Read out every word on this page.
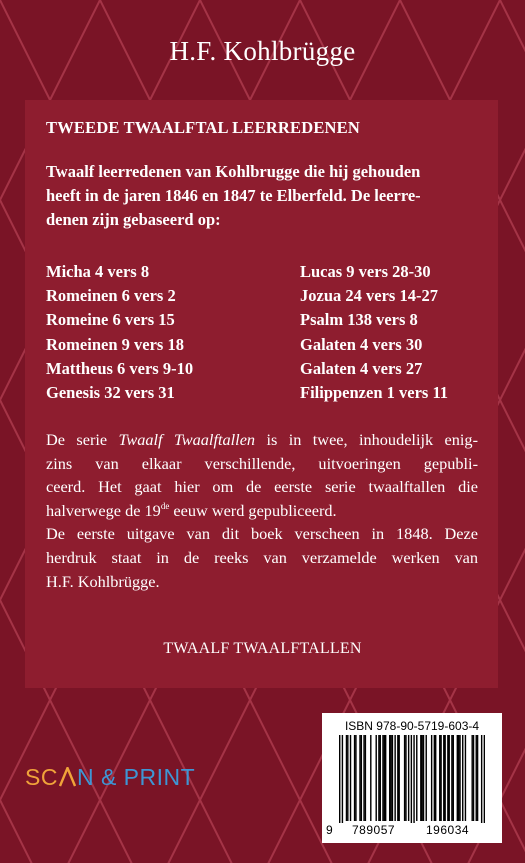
H.F. Kohlbrügge
TWEEDE TWAALFTAL LEERREDENEN
Twaalf leerredenen van Kohlbrugge die hij gehouden
heeft in de jaren 1846 en 1847 te Elberfeld. De leerre-
denen zijn gebaseerd op:
Micha 4 vers 8
Romeinen 6 vers 2
Romeine 6 vers 15
Romeinen 9 vers 18
Mattheus 6 vers 9-10
Genesis 32 vers 31
Lucas 9 vers 28-30
Jozua 24 vers 14-27
Psalm 138 vers 8
Galaten 4 vers 30
Galaten 4 vers 27
Filippenzen 1 vers 11
De serie Twaalf Twaalftallen is in twee, inhoudelijk enig-
zins van elkaar verschillende, uitvoeringen gepubli-
ceerd. Het gaat hier om de eerste serie twaalftallen die
halverwege de 19de eeuw werd gepubliceerd.
De eerste uitgave van dit boek verscheen in 1848. Deze
herdruk staat in de reeks van verzamelde werken van
H.F. Kohlbrügge.
TWAALF TWAALFTALLEN
SC N & PRINT
ISBN 978-90-5719-603-4
9 789057	196034
